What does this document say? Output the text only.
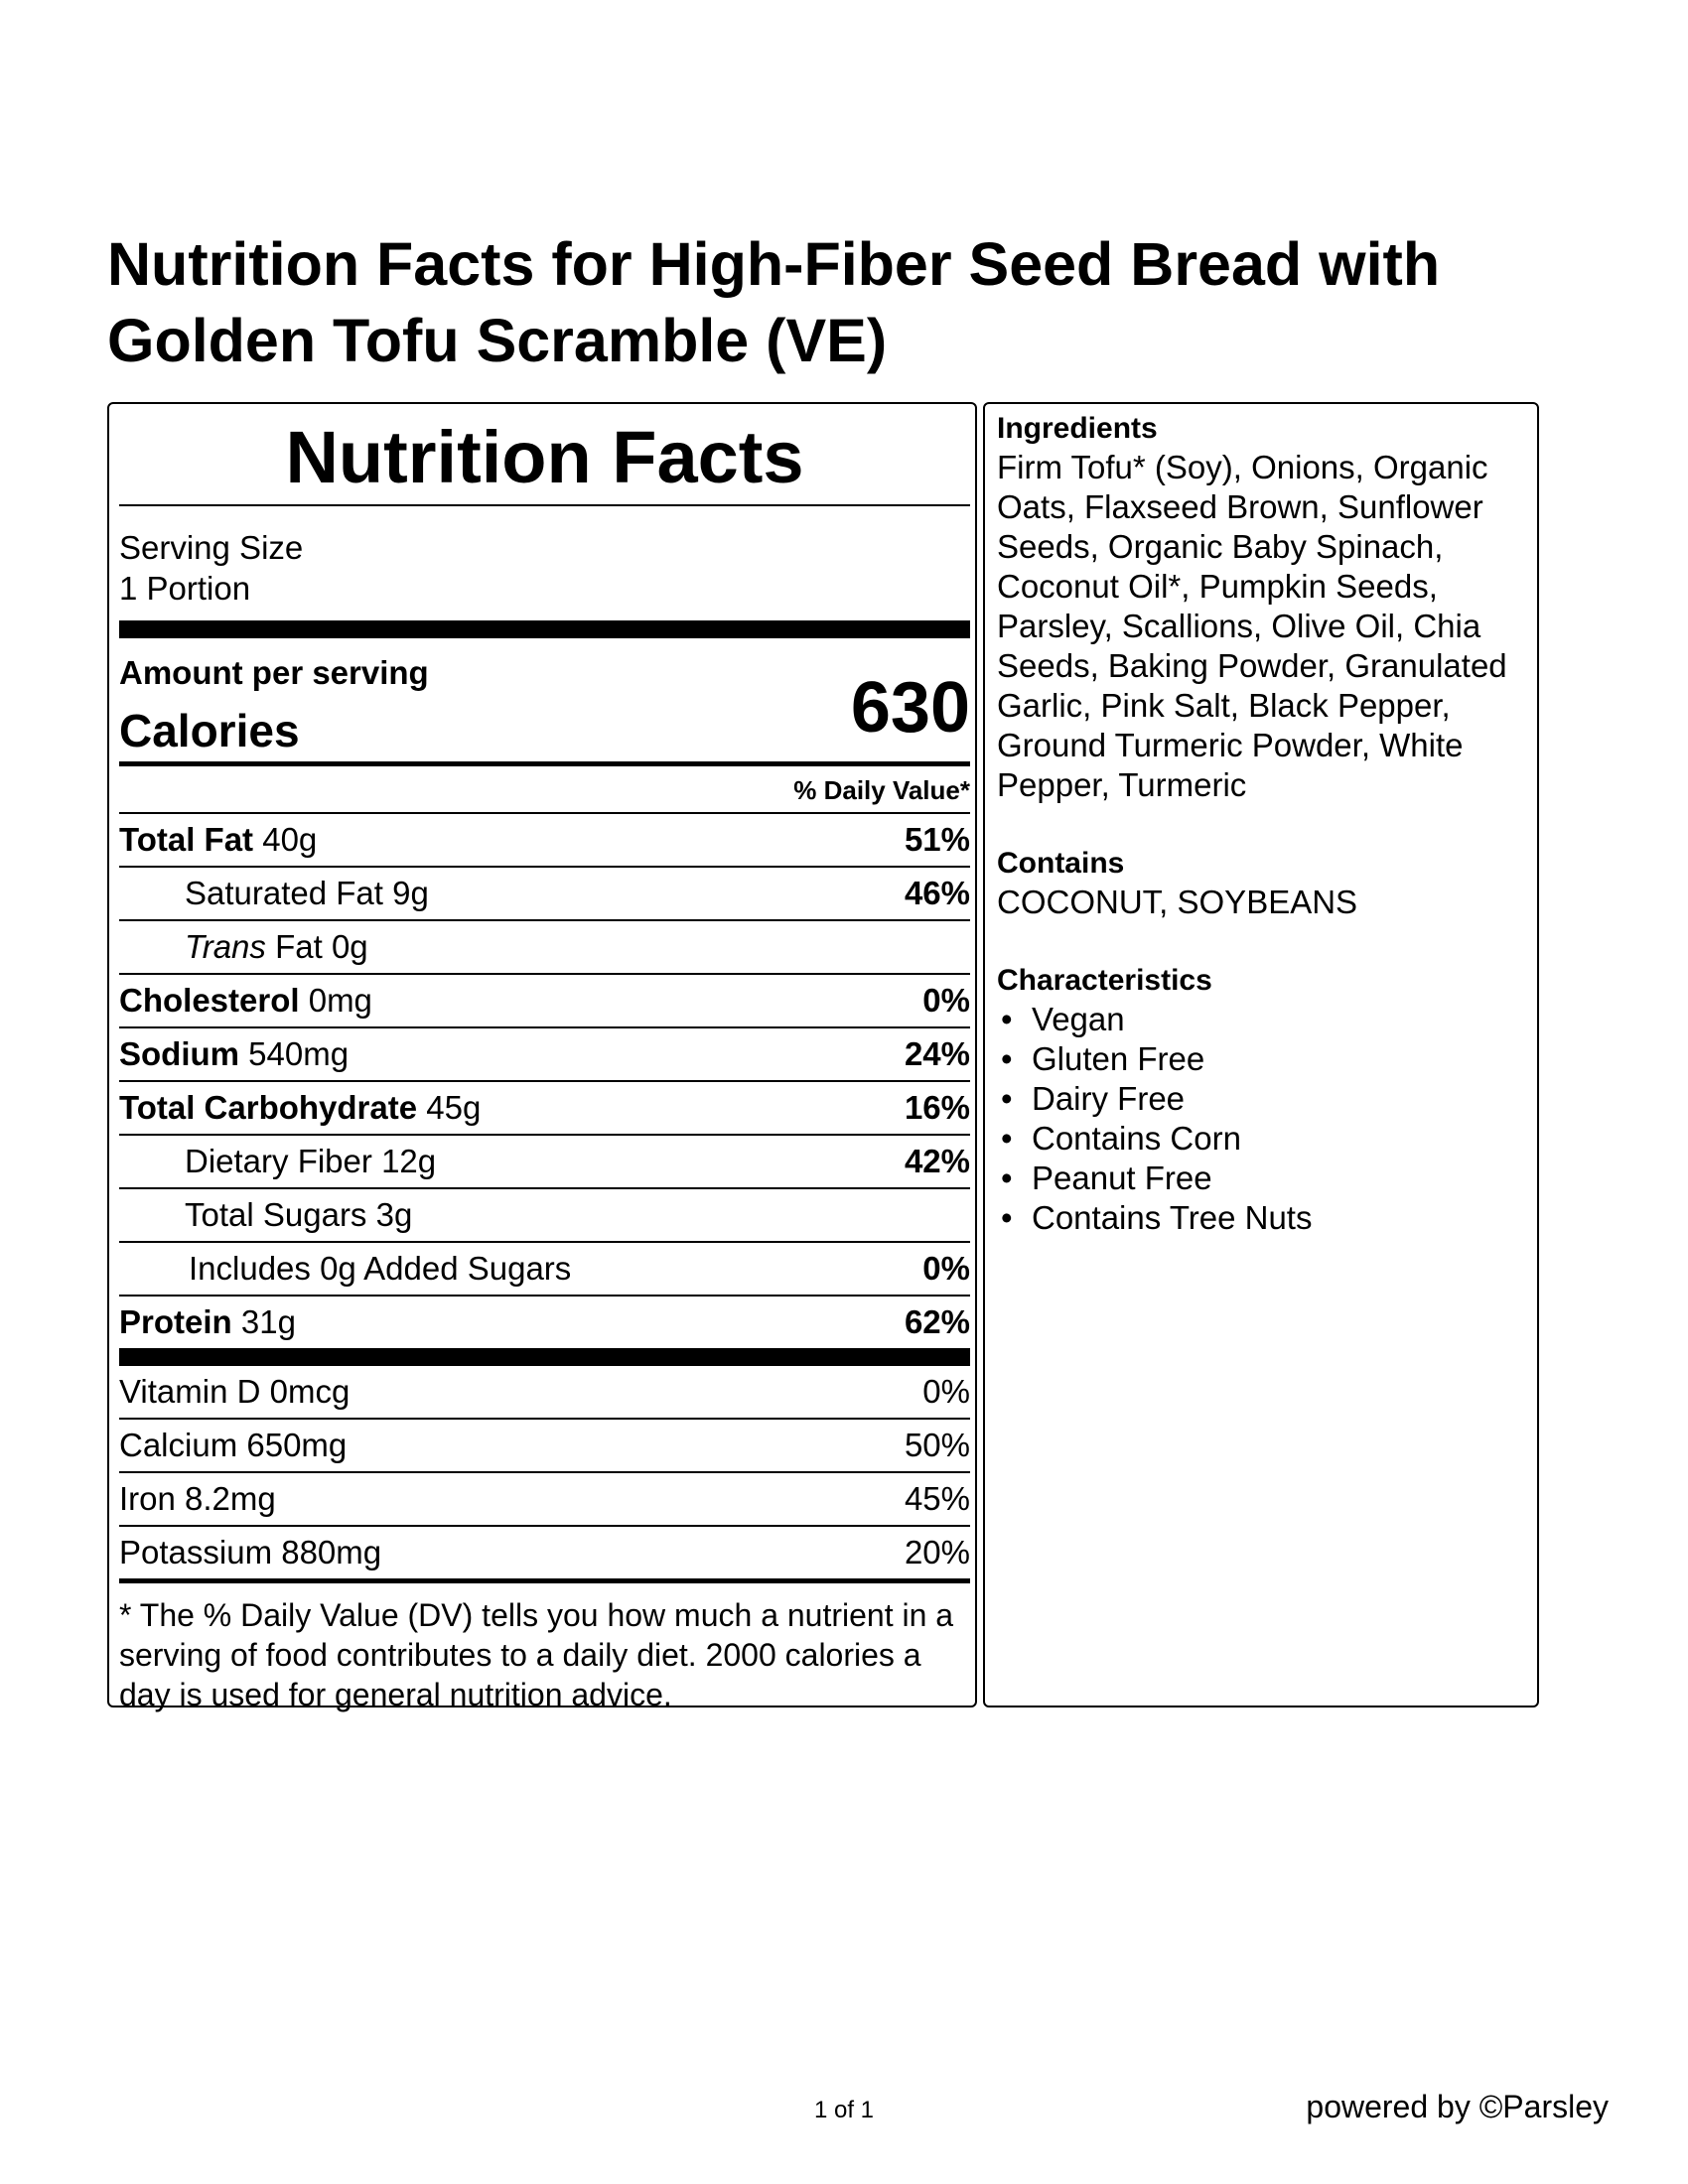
Nutrition Facts for High-Fiber Seed Bread with Golden Tofu Scramble (VE)
Nutrition Facts
Serving Size
1 Portion
Amount per serving
Calories	630
% Daily Value*
Total Fat 40g	51%
Saturated Fat 9g	46%
Trans Fat 0g
Cholesterol 0mg	0%
Sodium 540mg	24%
Total Carbohydrate 45g	16%
Dietary Fiber 12g	42%
Total Sugars 3g
Includes 0g Added Sugars	0%
Protein 31g	62%
Vitamin D 0mcg	0%
Calcium 650mg	50%
Iron 8.2mg	45%
Potassium 880mg	20%
* The % Daily Value (DV) tells you how much a nutrient in a serving of food contributes to a daily diet. 2000 calories a day is used for general nutrition advice.
Ingredients
Firm Tofu* (Soy), Onions, Organic Oats, Flaxseed Brown, Sunflower Seeds, Organic Baby Spinach, Coconut Oil*, Pumpkin Seeds, Parsley, Scallions, Olive Oil, Chia Seeds, Baking Powder, Granulated Garlic, Pink Salt, Black Pepper, Ground Turmeric Powder, White Pepper, Turmeric
Contains
COCONUT, SOYBEANS
Characteristics
• Vegan
• Gluten Free
• Dairy Free
• Contains Corn
• Peanut Free
• Contains Tree Nuts
1 of 1	powered by ©Parsley
